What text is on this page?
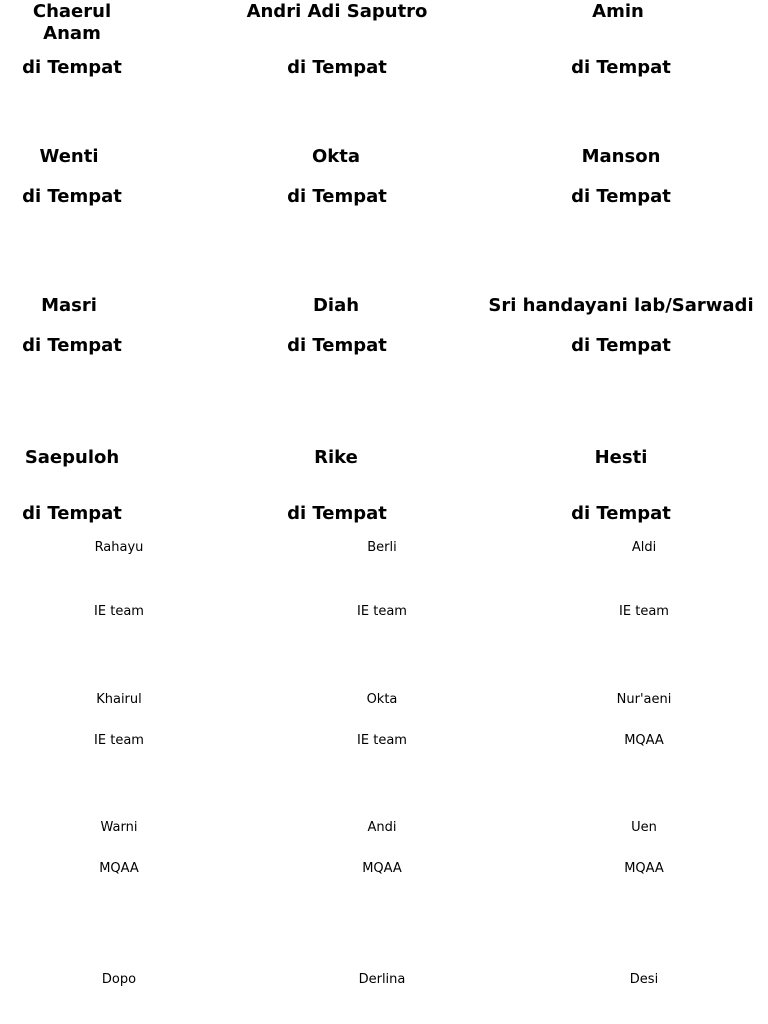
Chaerul Anam
di Tempat
Andri Adi Saputro
di Tempat
Amin
di Tempat
Wenti
di Tempat
Okta
di Tempat
Manson
di Tempat
Masri
di Tempat
Diah
di Tempat
Sri handayani lab/Sarwadi
di Tempat
Saepuloh
di Tempat
Rike
di Tempat
Hesti
di Tempat
Rahayu
IE team
Berli
IE team
Aldi
IE team
Khairul
IE team
Okta
IE team
Nur'aeni
MQAA
Warni
MQAA
Andi
MQAA
Uen
MQAA
Dopo	Derlina	Desi
